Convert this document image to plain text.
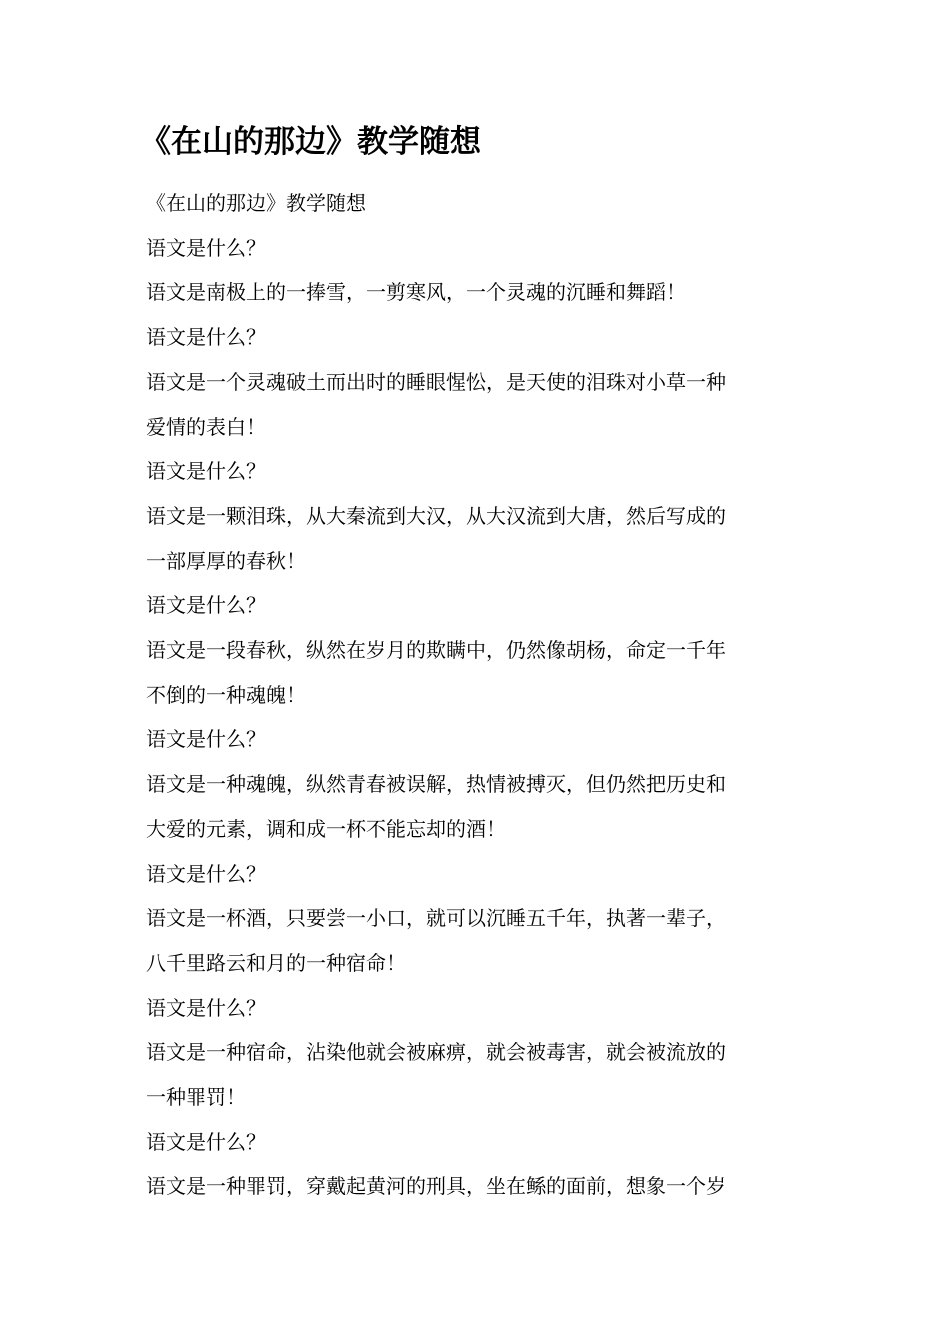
《在山的那边》教学随想

《在山的那边》教学随想

语文是什么？

语文是南极上的一捧雪，一剪寒风，一个灵魂的沉睡和舞蹈！

语文是什么？

语文是一个灵魂破土而出时的睡眼惺忪，是天使的泪珠对小草一种

爱情的表白！

语文是什么？

语文是一颗泪珠，从大秦流到大汉，从大汉流到大唐，然后写成的

一部厚厚的春秋！

语文是什么？

语文是一段春秋，纵然在岁月的欺瞒中，仍然像胡杨，命定一千年

不倒的一种魂魄！

语文是什么？

语文是一种魂魄，纵然青春被误解，热情被搏灭，但仍然把历史和

大爱的元素，调和成一杯不能忘却的酒！

语文是什么？

语文是一杯酒，只要尝一小口，就可以沉睡五千年，执著一辈子，

八千里路云和月的一种宿命！

语文是什么？

语文是一种宿命，沾染他就会被麻痹，就会被毒害，就会被流放的

一种罪罚！

语文是什么？

语文是一种罪罚，穿戴起黄河的刑具，坐在鲧的面前，想象一个岁
